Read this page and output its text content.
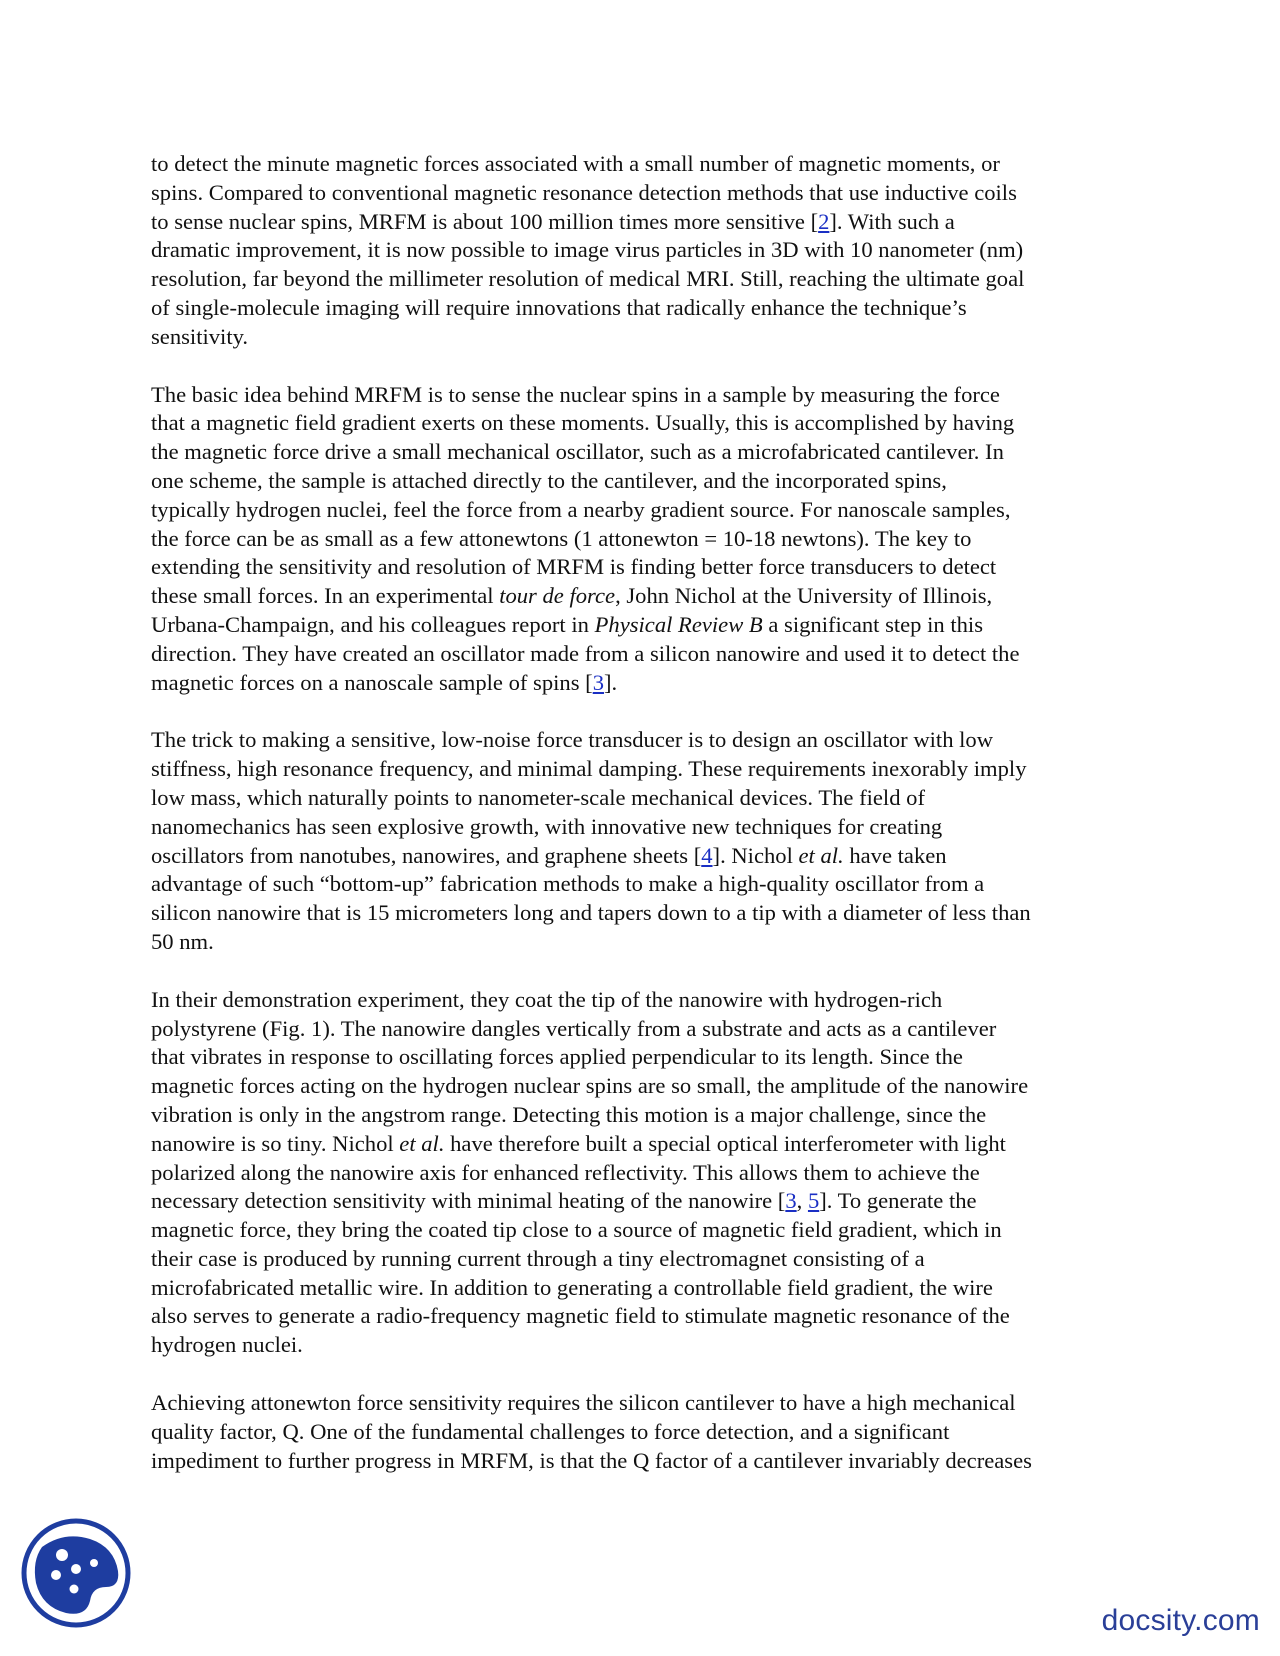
to detect the minute magnetic forces associated with a small number of magnetic moments, or
spins. Compared to conventional magnetic resonance detection methods that use inductive coils
to sense nuclear spins, MRFM is about 100 million times more sensitive [2]. With such a
dramatic improvement, it is now possible to image virus particles in 3D with 10 nanometer (nm)
resolution, far beyond the millimeter resolution of medical MRI. Still, reaching the ultimate goal
of single-molecule imaging will require innovations that radically enhance the technique’s
sensitivity.

The basic idea behind MRFM is to sense the nuclear spins in a sample by measuring the force
that a magnetic field gradient exerts on these moments. Usually, this is accomplished by having
the magnetic force drive a small mechanical oscillator, such as a microfabricated cantilever. In
one scheme, the sample is attached directly to the cantilever, and the incorporated spins,
typically hydrogen nuclei, feel the force from a nearby gradient source. For nanoscale samples,
the force can be as small as a few attonewtons (1 attonewton = 10-18 newtons). The key to
extending the sensitivity and resolution of MRFM is finding better force transducers to detect
these small forces. In an experimental tour de force, John Nichol at the University of Illinois,
Urbana-Champaign, and his colleagues report in Physical Review B a significant step in this
direction. They have created an oscillator made from a silicon nanowire and used it to detect the
magnetic forces on a nanoscale sample of spins [3].

The trick to making a sensitive, low-noise force transducer is to design an oscillator with low
stiffness, high resonance frequency, and minimal damping. These requirements inexorably imply
low mass, which naturally points to nanometer-scale mechanical devices. The field of
nanomechanics has seen explosive growth, with innovative new techniques for creating
oscillators from nanotubes, nanowires, and graphene sheets [4]. Nichol et al. have taken
advantage of such “bottom-up” fabrication methods to make a high-quality oscillator from a
silicon nanowire that is 15 micrometers long and tapers down to a tip with a diameter of less than
50 nm.

In their demonstration experiment, they coat the tip of the nanowire with hydrogen-rich
polystyrene (Fig. 1). The nanowire dangles vertically from a substrate and acts as a cantilever
that vibrates in response to oscillating forces applied perpendicular to its length. Since the
magnetic forces acting on the hydrogen nuclear spins are so small, the amplitude of the nanowire
vibration is only in the angstrom range. Detecting this motion is a major challenge, since the
nanowire is so tiny. Nichol et al. have therefore built a special optical interferometer with light
polarized along the nanowire axis for enhanced reflectivity. This allows them to achieve the
necessary detection sensitivity with minimal heating of the nanowire [3, 5]. To generate the
magnetic force, they bring the coated tip close to a source of magnetic field gradient, which in
their case is produced by running current through a tiny electromagnet consisting of a
microfabricated metallic wire. In addition to generating a controllable field gradient, the wire
also serves to generate a radio-frequency magnetic field to stimulate magnetic resonance of the
hydrogen nuclei.

Achieving attonewton force sensitivity requires the silicon cantilever to have a high mechanical
quality factor, Q. One of the fundamental challenges to force detection, and a significant
impediment to further progress in MRFM, is that the Q factor of a cantilever invariably decreases

docsity.com
